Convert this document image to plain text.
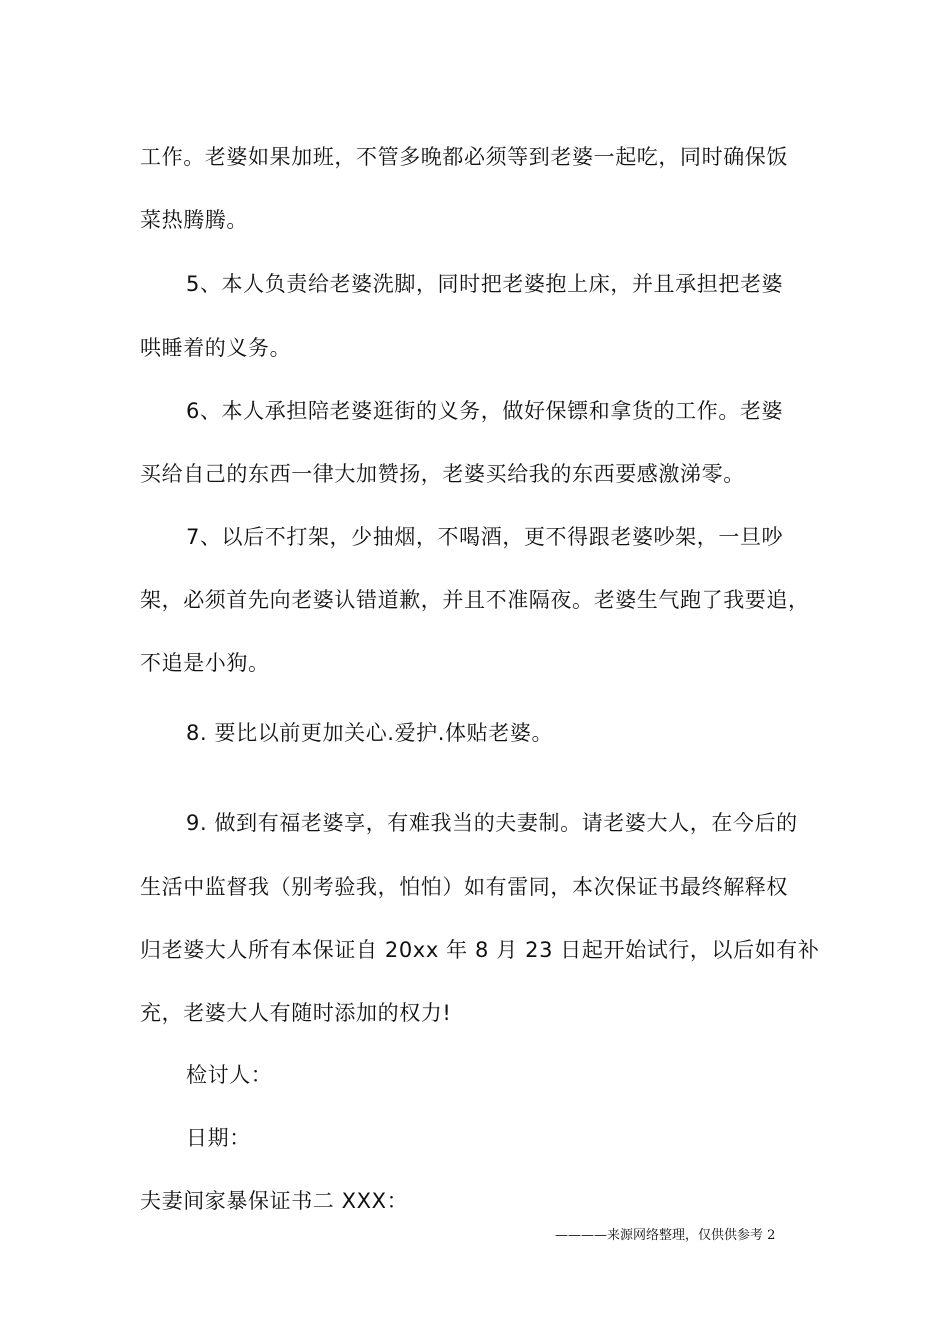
工作。老婆如果加班，不管多晚都必须等到老婆一起吃，同时确保饭
菜热腾腾。
5、本人负责给老婆洗脚，同时把老婆抱上床，并且承担把老婆
哄睡着的义务。
6、本人承担陪老婆逛街的义务，做好保镖和拿货的工作。老婆
买给自己的东西一律大加赞扬，老婆买给我的东西要感激涕零。
7、以后不打架，少抽烟，不喝酒，更不得跟老婆吵架，一旦吵
架，必须首先向老婆认错道歉，并且不准隔夜。老婆生气跑了我要追，
不追是小狗。
8. 要比以前更加关心.爱护.体贴老婆。
9. 做到有福老婆享，有难我当的夫妻制。请老婆大人，在今后的
生活中监督我（别考验我，怕怕）如有雷同，本次保证书最终解释权
归老婆大人所有本保证自 20xx 年 8 月 23 日起开始试行，以后如有补
充，老婆大人有随时添加的权力!
检讨人：
日期：
夫妻间家暴保证书二 XXX：
————来源网络整理，仅供供参考 2
